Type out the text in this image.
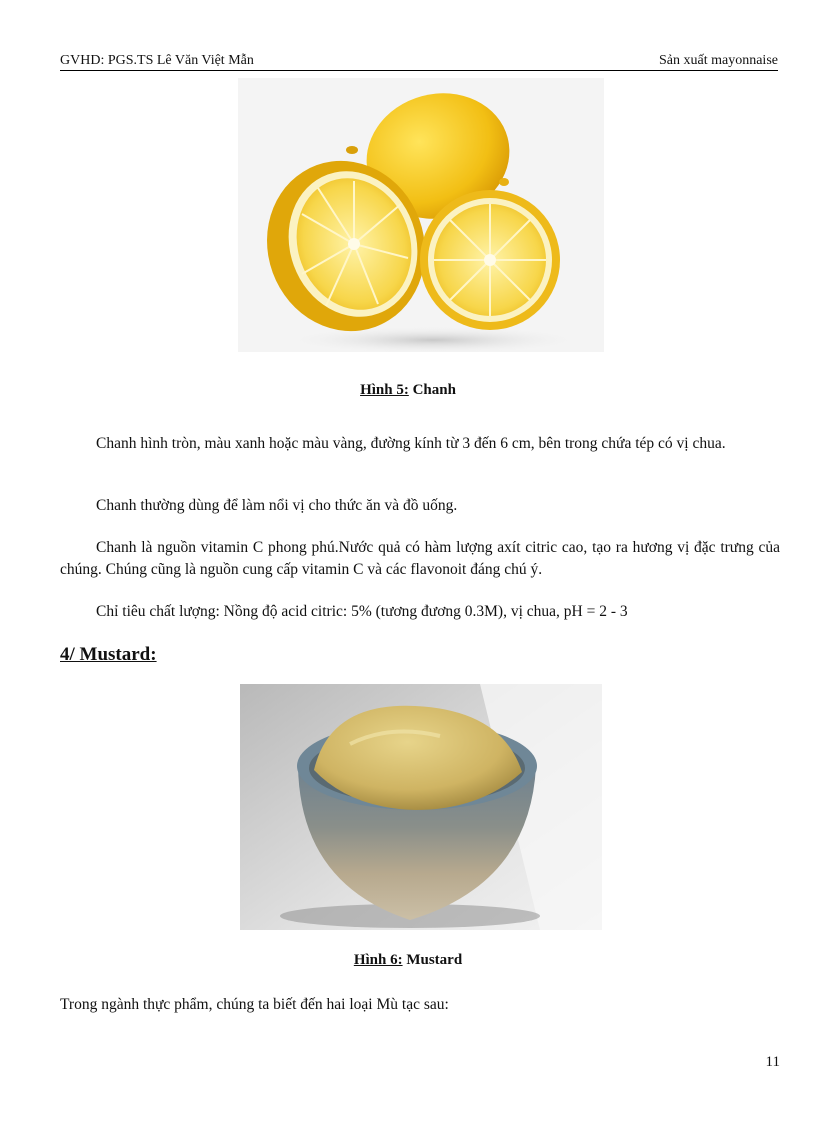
GVHD: PGS.TS Lê Văn Việt Mẫn	Sản xuất mayonnaise
Hình 5: Chanh
Chanh hình tròn, màu xanh hoặc màu vàng, đường kính từ 3 đến 6 cm, bên trong chứa tép có vị chua.
Chanh thường dùng để làm nổi vị cho thức ăn và đồ uống.
Chanh là nguồn vitamin C phong phú.Nước quả có hàm lượng axít citric cao, tạo ra hương vị đặc trưng của chúng. Chúng cũng là nguồn cung cấp vitamin C và các flavonoit đáng chú ý.
Chỉ tiêu chất lượng: Nồng độ acid citric: 5% (tương đương 0.3M), vị chua, pH = 2 - 3
4/ Mustard:
Hình 6: Mustard
Trong ngành thực phẩm, chúng ta biết đến hai loại Mù tạc sau:
11
